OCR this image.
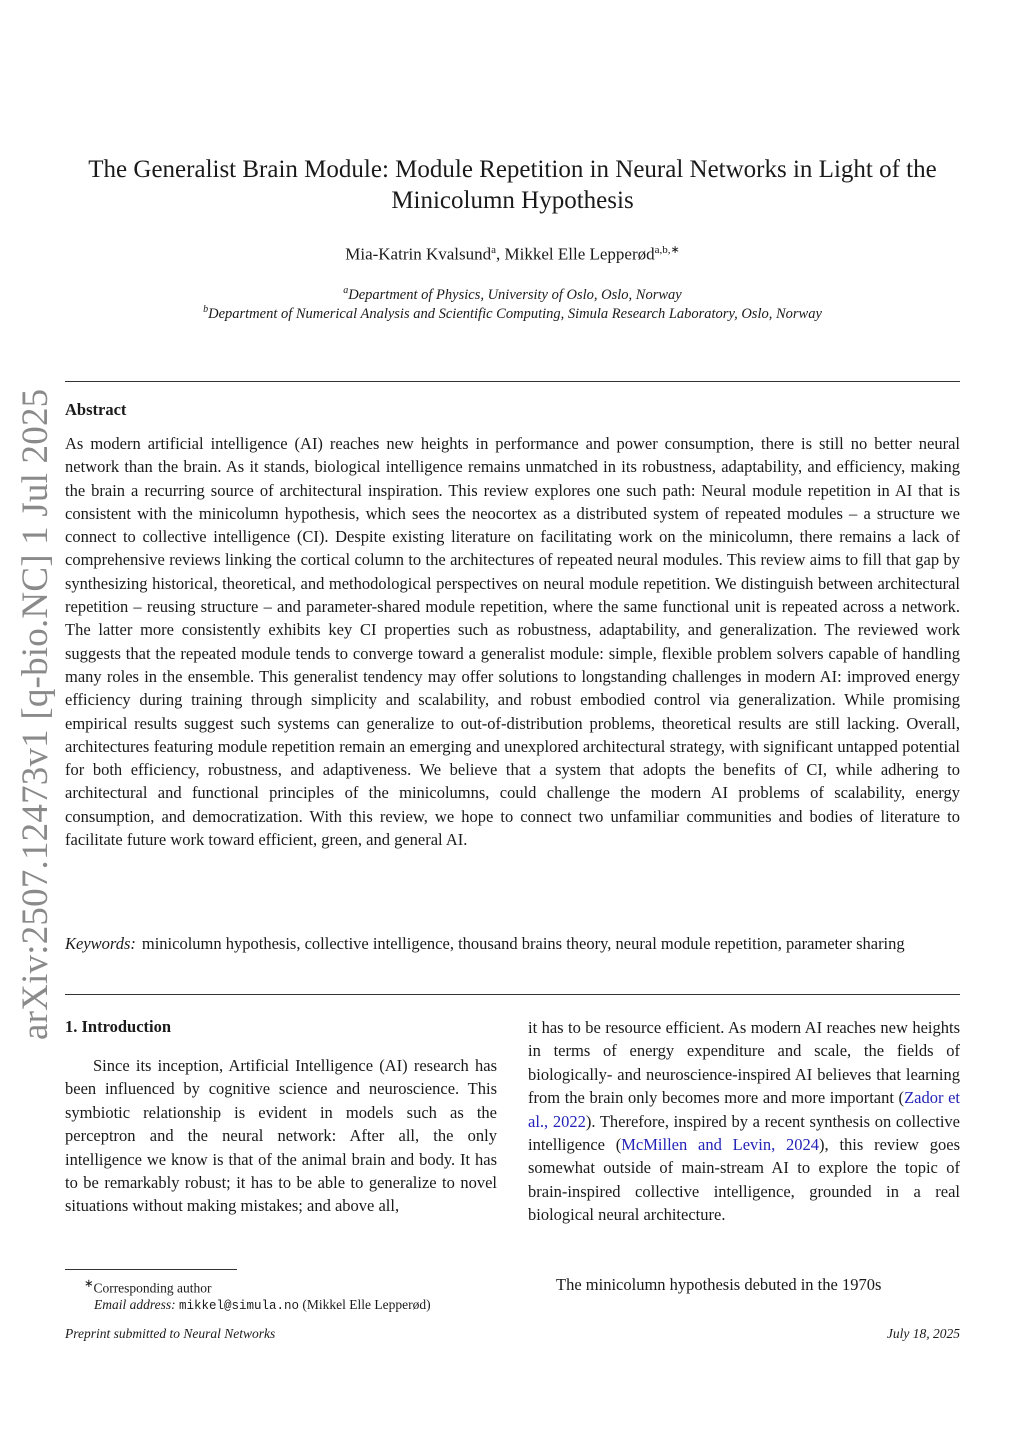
arXiv:2507.12473v1 [q-bio.NC] 1 Jul 2025
The Generalist Brain Module: Module Repetition in Neural Networks in Light of the Minicolumn Hypothesis
Mia-Katrin Kvalsund$^a$, Mikkel Elle Lepperød$^{a,b,∗}$
$^a$Department of Physics, University of Oslo, Oslo, Norway
$^b$Department of Numerical Analysis and Scientific Computing, Simula Research Laboratory, Oslo, Norway
Abstract

As modern artificial intelligence (AI) reaches new heights in performance and power consumption, there is still no better neural network than the brain. As it stands, biological intelligence remains unmatched in its robustness, adaptability, and efficiency, making the brain a recurring source of architectural inspiration. This review explores one such path: Neural module repetition in AI that is consistent with the minicolumn hypothesis, which sees the neocortex as a distributed system of repeated modules – a structure we connect to collective intelligence (CI). Despite existing literature on facilitating work on the minicolumn, there remains a lack of comprehensive reviews linking the cortical column to the architectures of repeated neural modules. This review aims to fill that gap by synthesizing historical, theoretical, and methodological perspectives on neural module repetition. We distinguish between architectural repetition – reusing structure – and parameter-shared module repetition, where the same functional unit is repeated across a network. The latter more consistently exhibits key CI properties such as robustness, adaptability, and generalization. The reviewed work suggests that the repeated module tends to converge toward a generalist module: simple, flexible problem solvers capable of handling many roles in the ensemble. This generalist tendency may offer solutions to longstanding challenges in modern AI: improved energy efficiency during training through simplicity and scalability, and robust embodied control via generalization. While promising empirical results suggest such systems can generalize to out-of-distribution problems, theoretical results are still lacking. Overall, architectures featuring module repetition remain an emerging and unexplored architectural strategy, with significant untapped potential for both efficiency, robustness, and adaptiveness. We believe that a system that adopts the benefits of CI, while adhering to architectural and functional principles of the minicolumns, could challenge the modern AI problems of scalability, energy consumption, and democratization. With this review, we hope to connect two unfamiliar communities and bodies of literature to facilitate future work toward efficient, green, and general AI.

Keywords: minicolumn hypothesis, collective intelligence, thousand brains theory, neural module repetition, parameter sharing

1. Introduction

Since its inception, Artificial Intelligence (AI) research has been influenced by cognitive science and neuroscience. This symbiotic relationship is evident in models such as the perceptron and the neural network: After all, the only intelligence we know is that of the animal brain and body. It has to be remarkably robust; it has to be able to generalize to novel situations without making mistakes; and above all,

it has to be resource efficient. As modern AI reaches new heights in terms of energy expenditure and scale, the fields of biologically- and neuroscience-inspired AI believes that learning from the brain only becomes more and more important (Zador et al., 2022). Therefore, inspired by a recent synthesis on collective intelligence (McMillen and Levin, 2024), this review goes somewhat outside of main-stream AI to explore the topic of brain-inspired collective intelligence, grounded in a real biological neural architecture.

The minicolumn hypothesis debuted in the 1970s

∗Corresponding author
Email address: mikkel@simula.no (Mikkel Elle Lepperød)
Preprint submitted to Neural Networks	July 18, 2025
